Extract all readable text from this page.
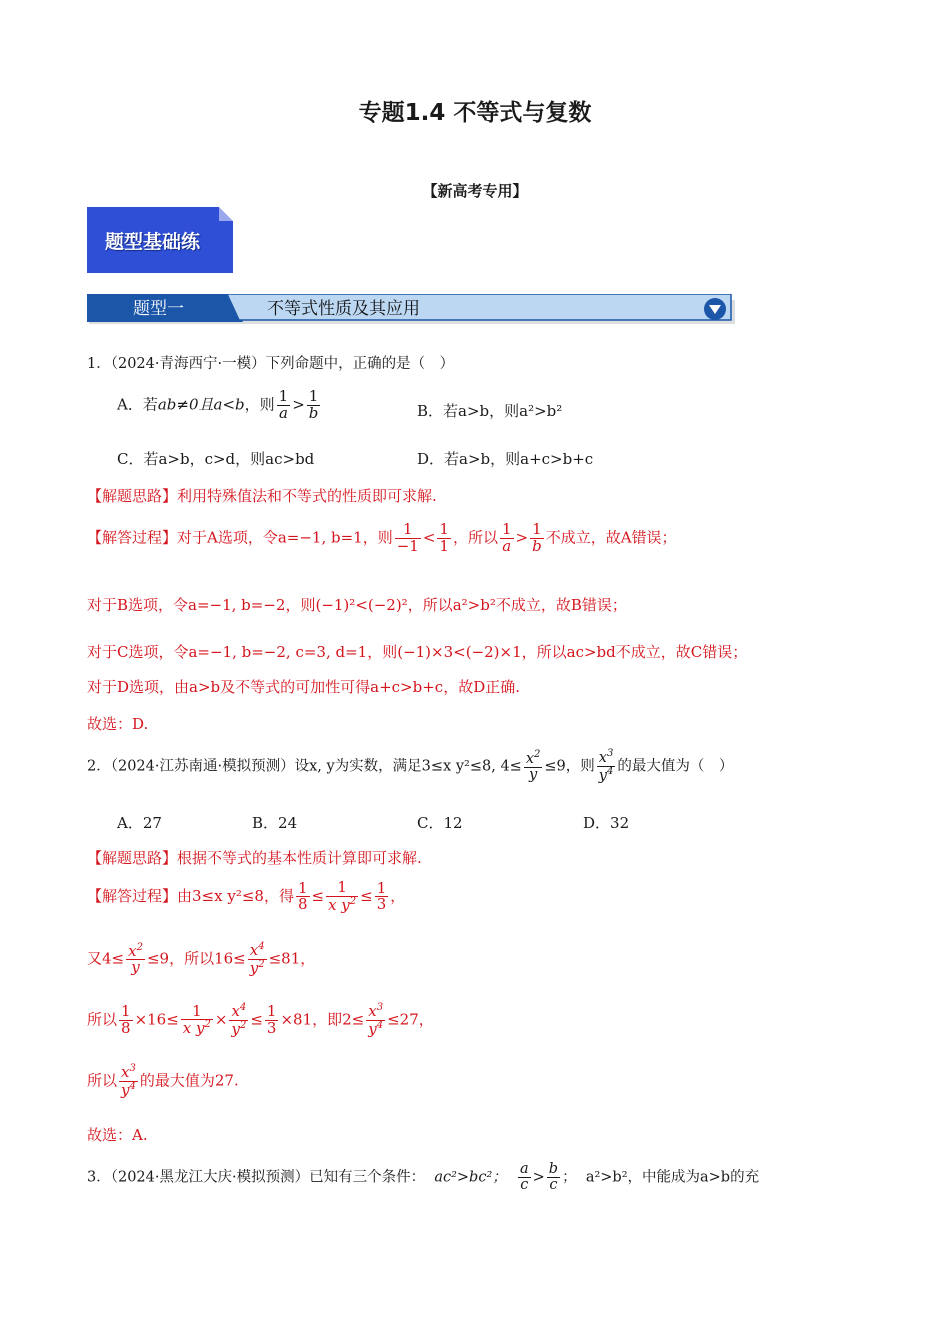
专题1.4 不等式与复数
【新高考专用】
题型基础练
题型一	不等式性质及其应用
1．（2024·青海西宁·一模）下列命题中，正确的是（　）
A．若ab≠0且a<b，则 $\frac{1}{a} > \frac{1}{b}$	B．若a>b，则a²>b²
C．若a>b，c>d，则ac>bd	D．若a>b，则a+c>b+c
【解题思路】利用特殊值法和不等式的性质即可求解.
【解答过程】对于A选项，令a=−1, b=1，则 $\frac{1}{-1} < \frac{1}{1}$ ，所以 $\frac{1}{a} > \frac{1}{b}$ 不成立，故A错误；
对于B选项，令a=−1, b=−2，则(−1)²<(−2)²，所以a²>b²不成立，故B错误；
对于C选项，令a=−1, b=−2, c=3, d=1，则(−1)×3<(−2)×1，所以ac>bd不成立，故C错误；
对于D选项，由a>b及不等式的可加性可得a+c>b+c，故D正确.
故选：D.
2．（2024·江苏南通·模拟预测）设x, y为实数，满足3≤x y²≤8, $4\le \frac{x^2}{y} \le 9$，则 $\frac{x^3}{y^4}$ 的最大值为（　）
A．27	B．24	C．12	D．32
【解题思路】根据不等式的基本性质计算即可求解.
【解答过程】由3≤x y²≤8，得 $\frac{1}{8} \le \frac{1}{x y^2} \le \frac{1}{3}$ ，
又$4\le \frac{x^2}{y} \le 9$，所以$16\le \frac{x^4}{y^2} \le 81$，
所以 $\frac{1}{8} \times 16\le \frac{1}{x y^2} \times \frac{x^4}{y^2} \le \frac{1}{3} \times 81$，即$2\le \frac{x^3}{y^4} \le 27$，
所以 $\frac{x^3}{y^4}$ 的最大值为27.
故选：A.
3．（2024·黑龙江大庆·模拟预测）已知有三个条件： ac²>bc²； $\frac{a}{c} > \frac{b}{c}$ ；  a²>b²，中能成为a>b的充
